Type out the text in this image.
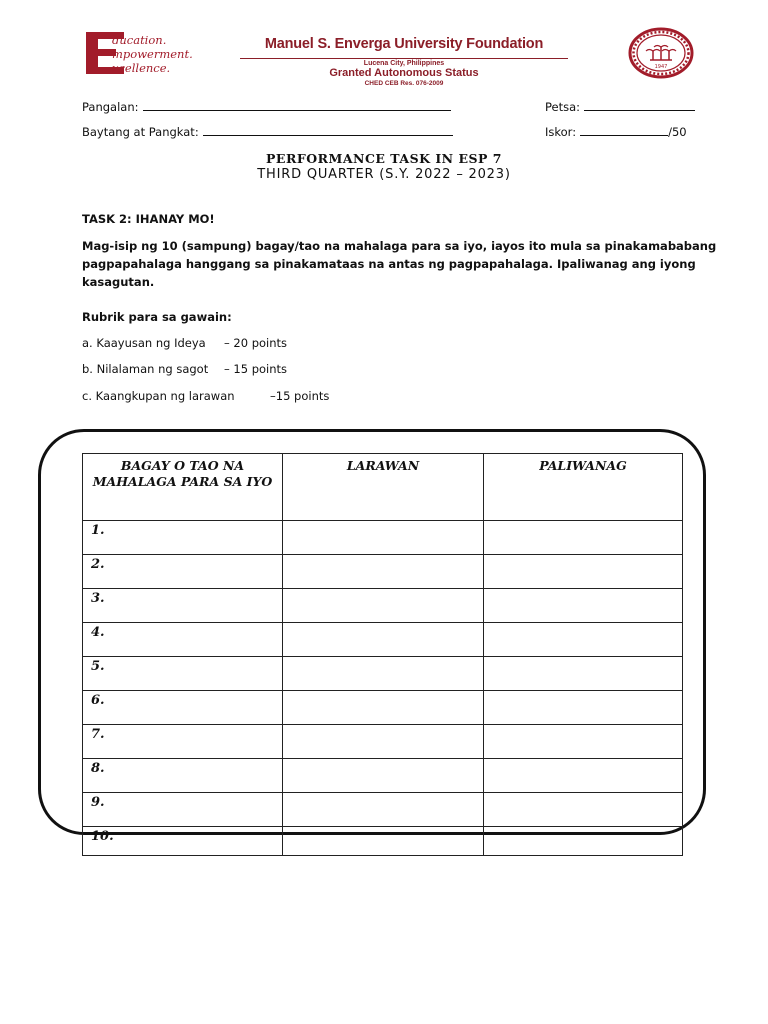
ducation.
mpowerment.
xcellence.
Manuel S. Enverga University Foundation
Lucena City, Philippines
Granted Autonomous Status
CHED CEB Res. 076-2009
1947
Pangalan:	Petsa:
Baytang at Pangkat:	Iskor:	/50
PERFORMANCE TASK IN ESP 7
THIRD QUARTER (S.Y. 2022 – 2023)
TASK 2: IHANAY MO!
Mag-isip ng 10 (sampung) bagay/tao na mahalaga para sa iyo, iayos ito mula sa pinakamababang pagpapahalaga hanggang sa pinakamataas na antas ng pagpapahalaga. Ipaliwanag ang iyong kasagutan.
Rubrik para sa gawain:
a. Kaayusan ng Ideya – 20 points
b. Nilalaman ng sagot – 15 points
c. Kaangkupan ng larawan	–15 points
BAGAY O TAO NA MAHALAGA PARA SA IYO	LARAWAN	PALIWANAG
1.		
2.		
3.		
4.		
5.		
6.		
7.		
8.		
9.		
10.		
